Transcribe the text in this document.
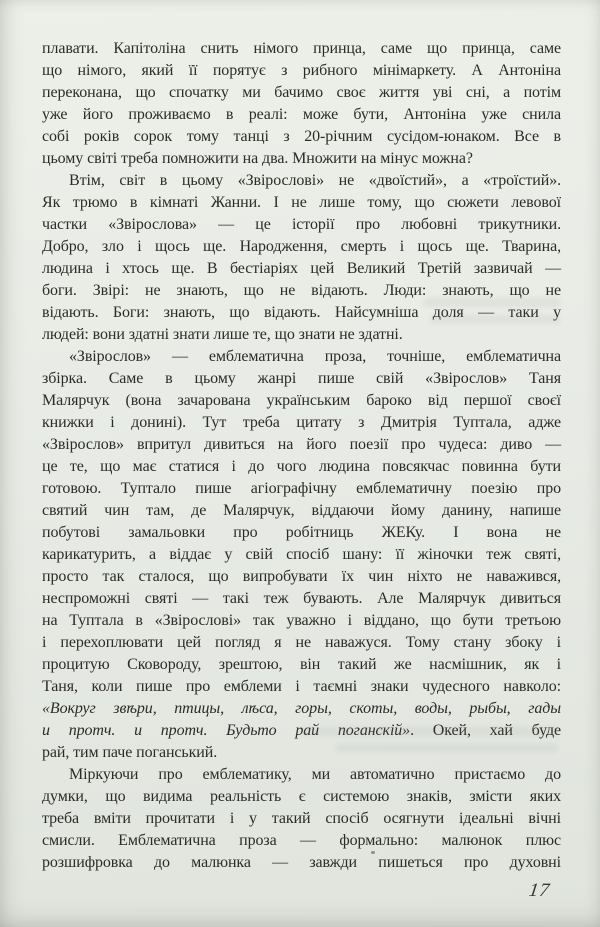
плавати. Капітоліна снить німого принца, саме що принца, саме
що німого, який її порятує з рибного мінімаркету. А Антоніна
переконана, що спочатку ми бачимо своє життя уві сні, а потім
уже його проживаємо в реалі: може бути, Антоніна уже снила
собі років сорок тому танці з 20-річним сусідом-юнаком. Все в
цьому світі треба помножити на два. Множити на мінус можна?
Втім, світ в цьому «Звірослові» не «двоїстий», а «троїстий».
Як трюмо в кімнаті Жанни. І не лише тому, що сюжети левової
частки «Звірослова» — це історії про любовні трикутники.
Добро, зло і щось ще. Народження, смерть і щось ще. Тварина,
людина і хтось ще. В бестіаріях цей Великий Третій зазвичай —
боги. Звірі: не знають, що не відають. Люди: знають, що не
відають. Боги: знають, що відають. Найсумніша доля — таки у
людей: вони здатні знати лише те, що знати не здатні.
«Звірослов» — емблематична проза, точніше, емблематична
збірка. Саме в цьому жанрі пише свій «Звірослов» Таня
Малярчук (вона зачарована українським бароко від першої своєї
книжки і донині). Тут треба цитату з Дмитрія Туптала, адже
«Звірослов» впритул дивиться на його поезії про чудеса: диво —
це те, що має статися і до чого людина повсякчас повинна бути
готовою. Туптало пише агіографічну емблематичну поезію про
святий чин там, де Малярчук, віддаючи йому данину, напише
побутові замальовки про робітниць ЖЕКу. І вона не
карикатурить, а віддає у свій спосіб шану: її жіночки теж святі,
просто так сталося, що випробувати їх чин ніхто не наважився,
неспроможні святі — такі теж бувають. Але Малярчук дивиться
на Туптала в «Звірослові» так уважно і віддано, що бути третьою
і перехоплювати цей погляд я не наважуся. Тому стану збоку і
процитую Сковороду, зрештою, він такий же насмішник, як і
Таня, коли пише про емблеми і таємні знаки чудесного навколо:
«Вокруг звѣри, птицы, лѣса, горы, скоты, воды, рыбы, гады
и протч. и протч. Будьто рай поганскій». Окей, хай буде
рай, тим паче поганський.
Міркуючи про емблематику, ми автоматично пристаємо до
думки, що видима реальність є системою знаків, змісти яких
треба вміти прочитати і у такий спосіб осягнути ідеальні вічні
смисли. Емблематична проза — формально: малюнок плюс
розшифровка до малюнка — завжди пишеться про духовні
17
